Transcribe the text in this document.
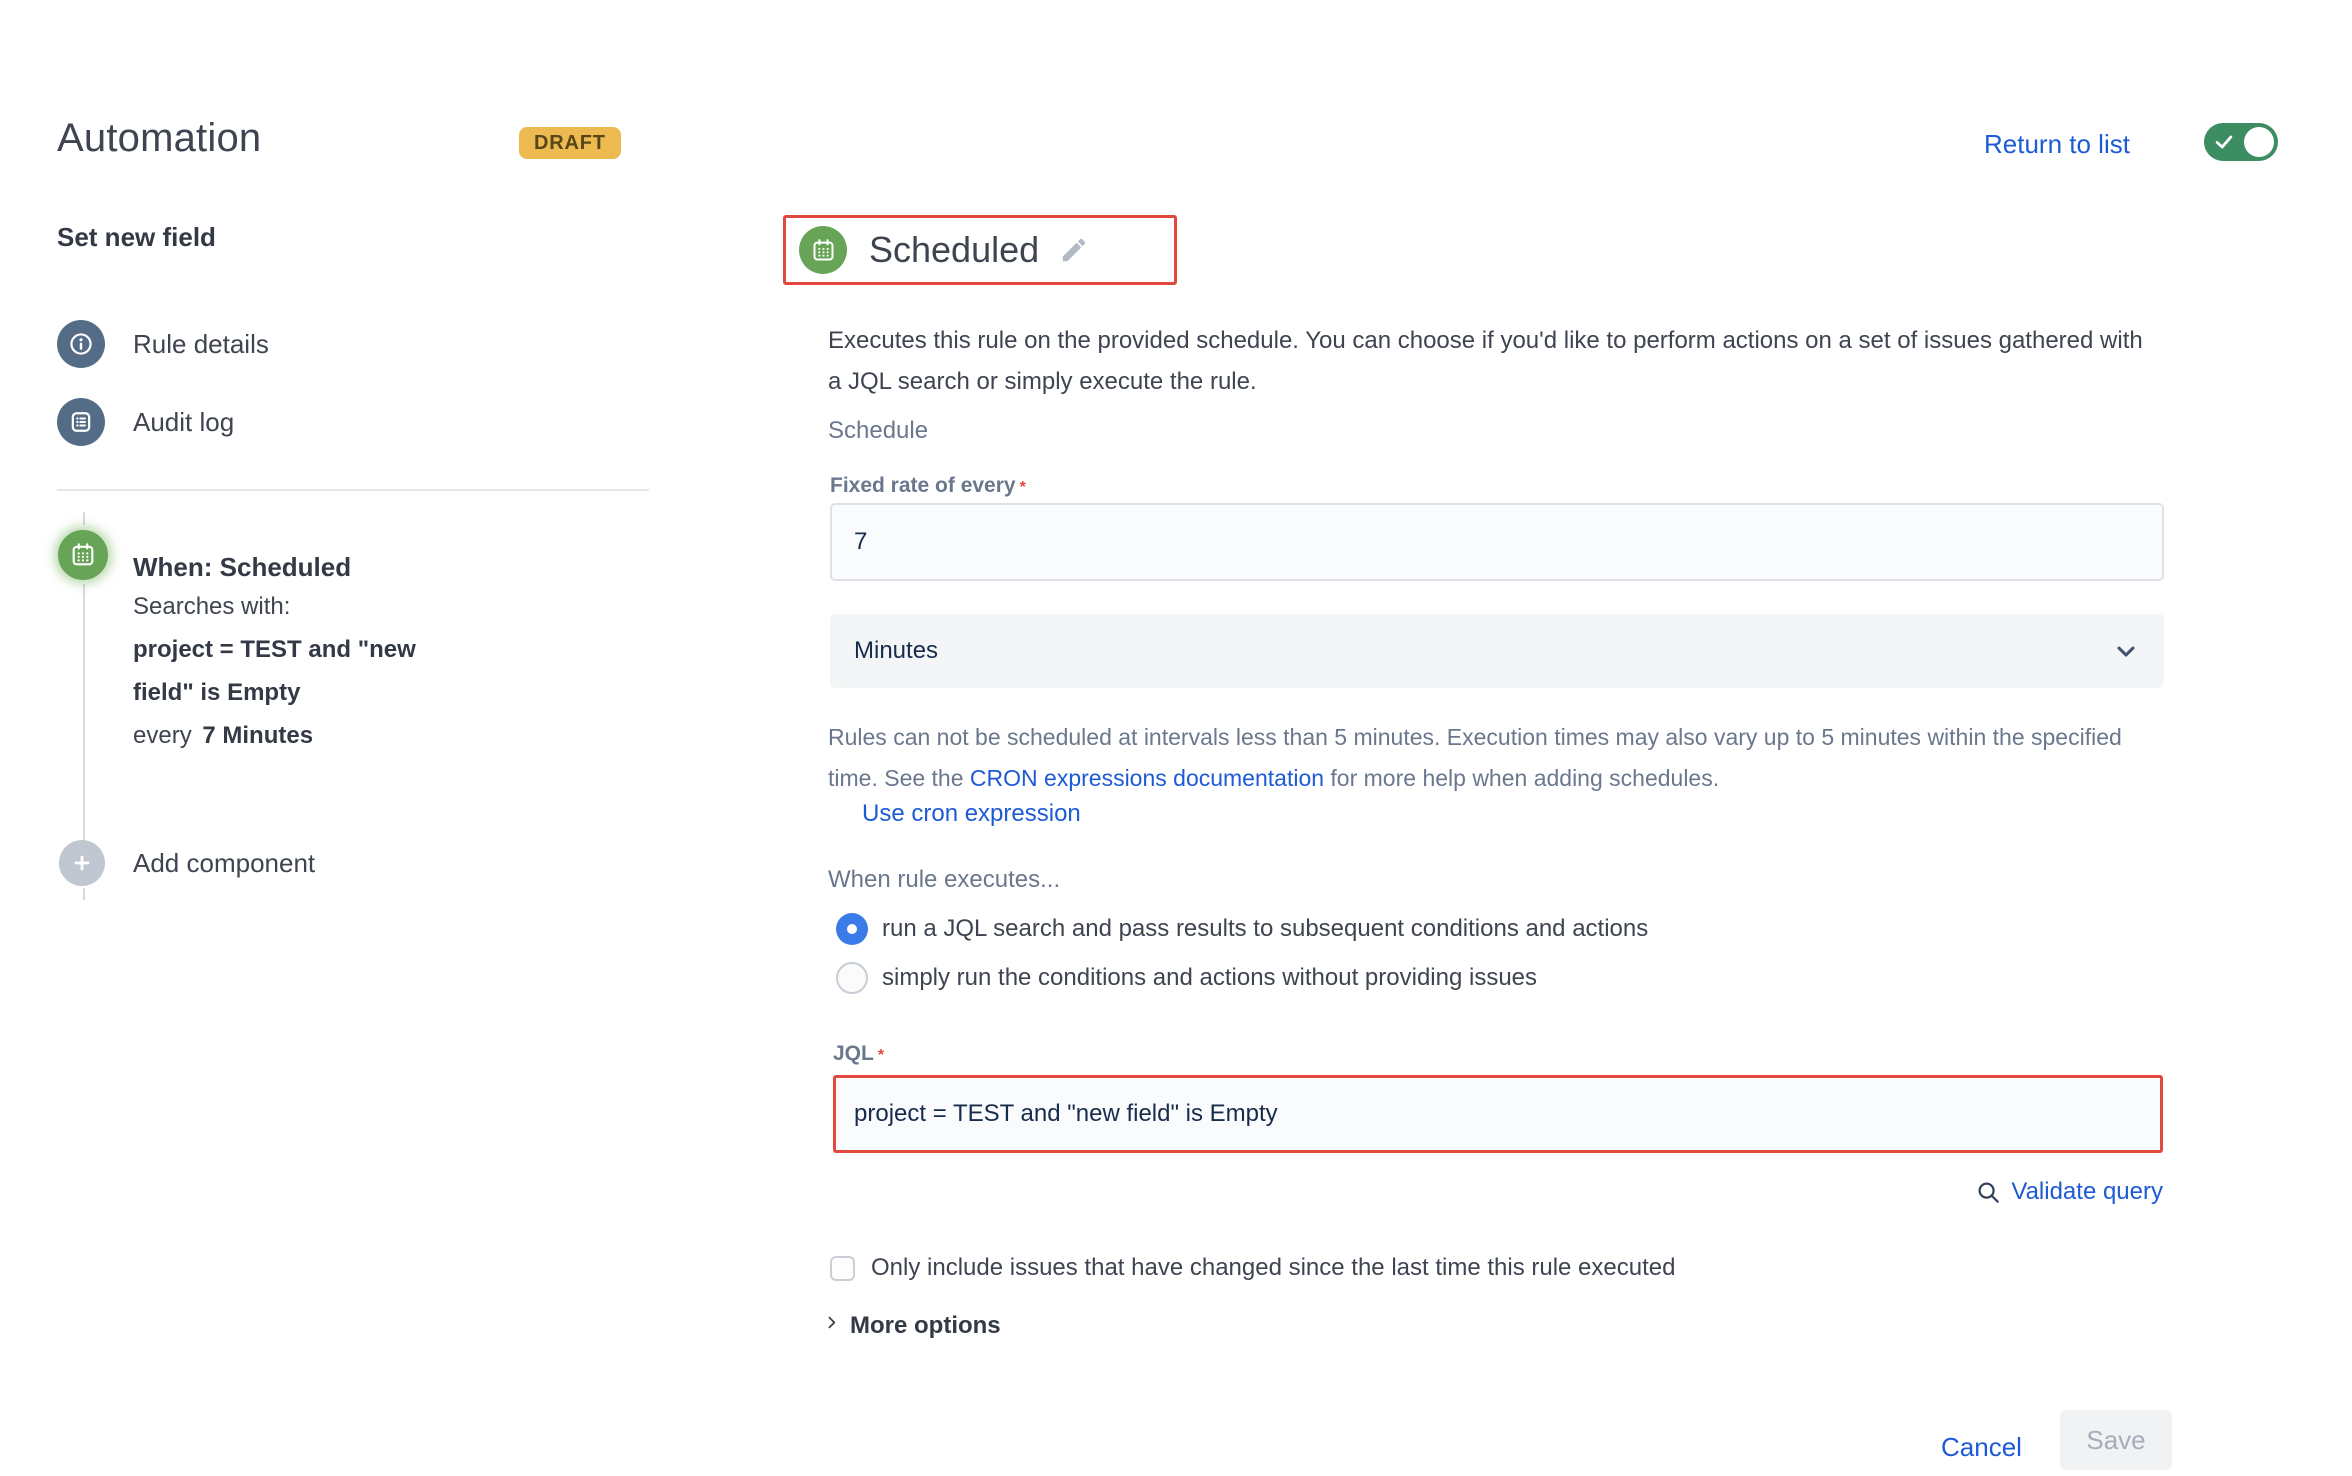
Automation	DRAFT
Set new field
Return to list
Rule details
Audit log
When: Scheduled
Searches with:
project = TEST and "new field" is Empty
every 7 Minutes
Add component
Scheduled
Executes this rule on the provided schedule. You can choose if you'd like to perform actions on a set of issues gathered with a JQL search or simply execute the rule.
Schedule
Fixed rate of every *
7
Minutes
Rules can not be scheduled at intervals less than 5 minutes. Execution times may also vary up to 5 minutes within the specified time. See the CRON expressions documentation for more help when adding schedules.
Use cron expression
When rule executes...
run a JQL search and pass results to subsequent conditions and actions
simply run the conditions and actions without providing issues
JQL *
project = TEST and "new field" is Empty
Validate query
Only include issues that have changed since the last time this rule executed
More options
Cancel	Save
